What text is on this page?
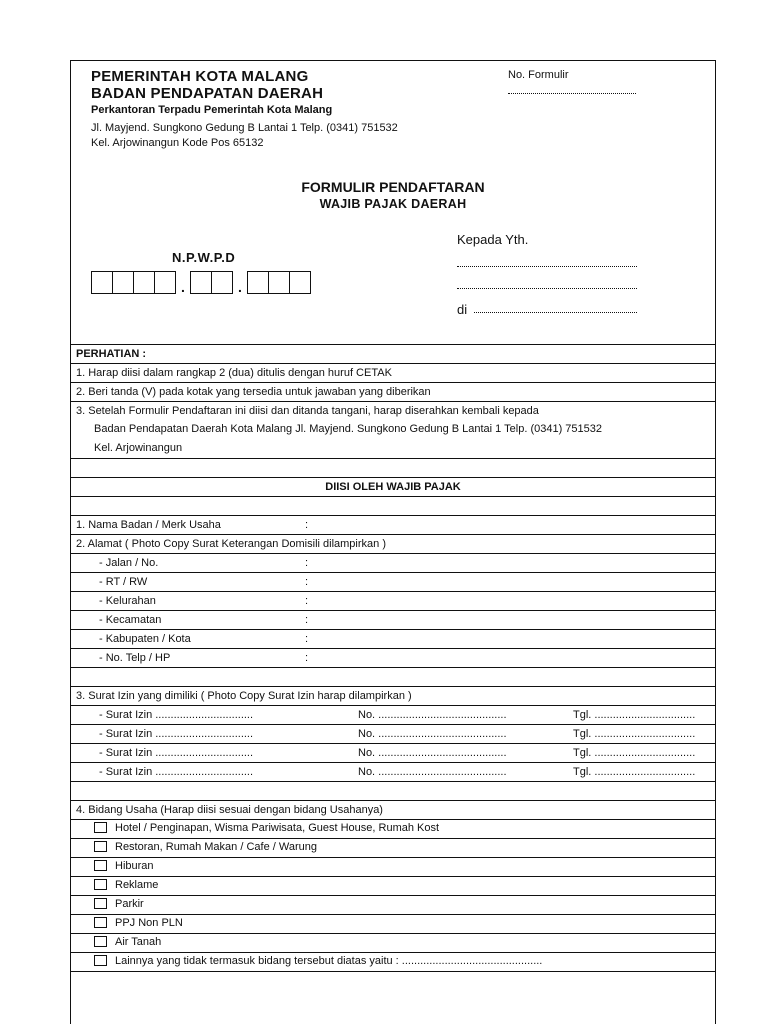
PEMERINTAH KOTA MALANG
BADAN PENDAPATAN DAERAH
Perkantoran Terpadu Pemerintah Kota Malang
Jl. Mayjend. Sungkono Gedung B Lantai 1 Telp. (0341) 751532
Kel. Arjowinangun Kode Pos 65132
No. Formulir
FORMULIR PENDAFTARAN
WAJIB PAJAK DAERAH
Kepada Yth.
di
N.P.W.P.D
.	.
PERHATIAN :
1. Harap diisi dalam rangkap 2 (dua) ditulis dengan huruf CETAK
2. Beri tanda (V) pada kotak yang tersedia untuk jawaban yang diberikan
3. Setelah Formulir Pendaftaran ini diisi dan ditanda tangani, harap diserahkan kembali kepada
Badan Pendapatan Daerah Kota Malang Jl. Mayjend. Sungkono Gedung B Lantai 1 Telp. (0341) 751532
Kel. Arjowinangun
DIISI OLEH WAJIB PAJAK
1. Nama Badan / Merk Usaha	:
2. Alamat ( Photo Copy Surat Keterangan Domisili dilampirkan )
- Jalan / No.	:
- RT / RW	:
- Kelurahan	:
- Kecamatan	:
- Kabupaten / Kota	:
- No. Telp / HP	:
3. Surat Izin yang dimiliki ( Photo Copy Surat Izin harap dilampirkan )
- Surat Izin ................................	No. ..........................................	Tgl. .................................
- Surat Izin ................................	No. ..........................................	Tgl. .................................
- Surat Izin ................................	No. ..........................................	Tgl. .................................
- Surat Izin ................................	No. ..........................................	Tgl. .................................
4. Bidang Usaha (Harap diisi sesuai dengan bidang Usahanya)
Hotel / Penginapan, Wisma Pariwisata, Guest House, Rumah Kost
Restoran, Rumah Makan / Cafe / Warung
Hiburan
Reklame
Parkir
PPJ Non PLN
Air Tanah
Lainnya yang tidak termasuk bidang tersebut diatas yaitu : ..............................................
